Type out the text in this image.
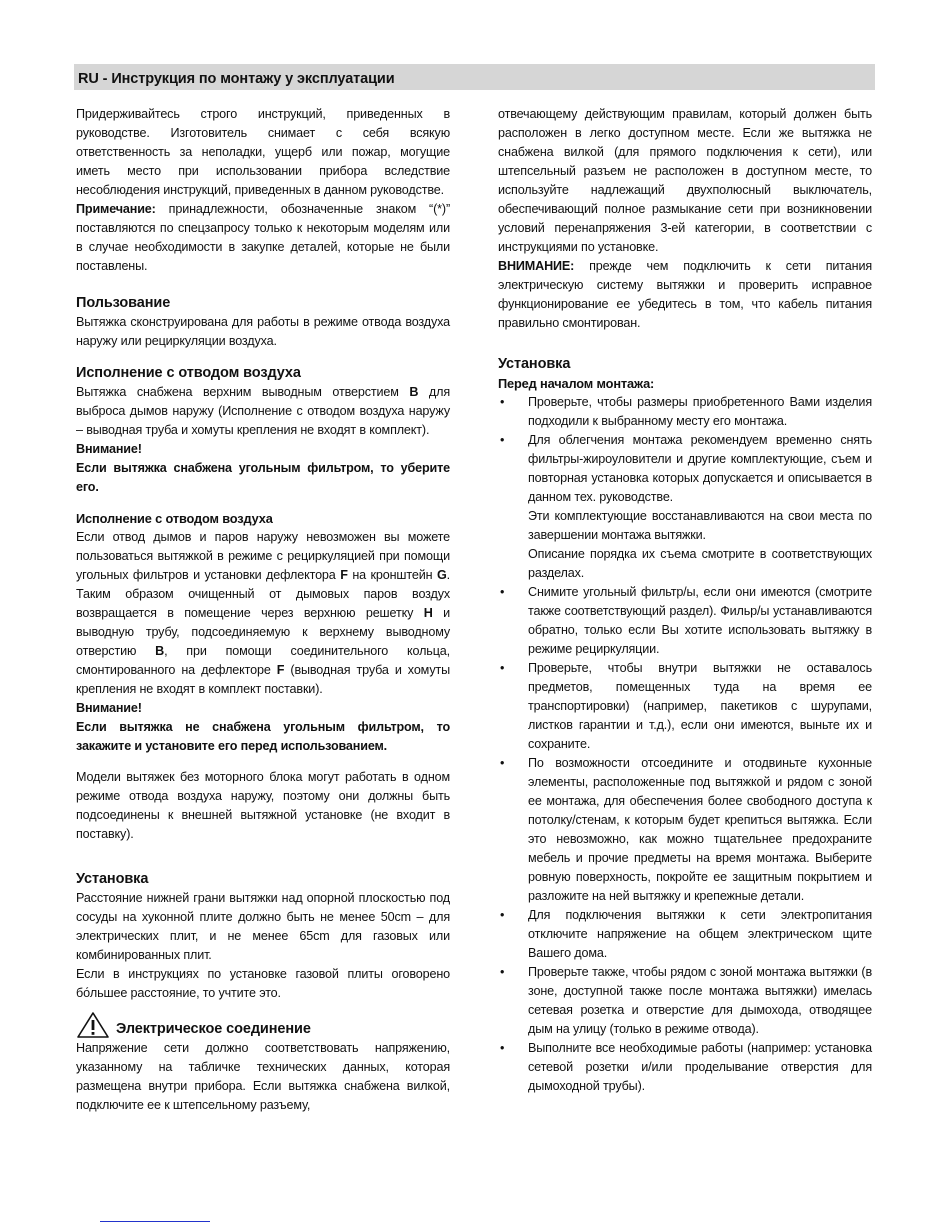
RU - Инструкция по монтажу у эксплуатации

Придерживайтесь строго инструкций, приведенных в руководстве. Изготовитель снимает с себя всякую ответственность за неполадки, ущерб или пожар, могущие иметь место при использовании прибора вследствие несоблюдения инструкций, приведенных в данном руководстве.

Примечание: принадлежности, обозначенные знаком “(*)” поставляются по спецзапросу только к некоторым моделям или в случае необходимости в закупке деталей, которые не были поставлены.

Пользование

Вытяжка сконструирована для работы в режиме отвода воздуха наружу или рециркуляции воздуха.

Исполнение с отводом воздуха

Вытяжка снабжена верхним выводным отверстием B для выброса дымов наружу (Исполнение с отводом воздуха наружу – выводная труба и хомуты крепления не входят в комплект).

Внимание!

Если вытяжка снабжена угольным фильтром, то уберите его.

Исполнение с отводом воздуха

Если отвод дымов и паров наружу невозможен вы можете пользоваться вытяжкой в режиме с рециркуляцией при помощи угольных фильтров и установки дефлектора F на кронштейн G. Таким образом очищенный от дымовых паров воздух возвращается в помещение через верхнюю решетку H и выводную трубу, подсоединяемую к верхнему выводному отверстию B, при помощи соединительного кольца, смонтированного на дефлекторе F (выводная труба и хомуты крепления не входят в комплект поставки).

Внимание!

Если вытяжка не снабжена угольным фильтром, то закажите и установите его перед использованием.

Модели вытяжек без моторного блока могут работать в одном режиме отвода воздуха наружу, поэтому они должны быть подсоединены к внешней вытяжной установке (не входит в поставку).

Установка

Расстояние нижней грани вытяжки над опорной плоскостью под сосуды на хуконной плите должно быть не менее 50cm – для электрических плит, и не менее 65cm для газовых или комбинированных плит.

Если в инструкциях по установке газовой плиты оговорено бо́льшее расстояние, то учтите это.

Электрическое соединение

Напряжение сети должно соответствовать напряжению, указанному на табличке технических данных, которая размещена внутри прибора. Если вытяжка снабжена вилкой, подключите ее к штепсельному разъему,

отвечающему действующим правилам, который должен быть расположен в легко доступном месте. Если же вытяжка не снабжена вилкой (для прямого подключения к сети), или штепсельный разъем не расположен в доступном месте, то используйте надлежащий двухполюсный выключатель, обеспечивающий полное размыкание сети при возникновении условий перенапряжения 3-ей категории, в соответствии с инструкциями по установке.

ВНИМАНИЕ: прежде чем подключить к сети питания электрическую систему вытяжки и проверить исправное функционирование ее убедитесь в том, что кабель питания правильно смонтирован.

Установка
Перед началом монтажа:
• Проверьте, чтобы размеры приобретенного Вами изделия подходили к выбранному месту его монтажа.
• Для облегчения монтажа рекомендуем временно снять фильтры-жироуловители и другие комплектующие, съем и повторная установка которых допускается и описывается в данном тех. руководстве.

Эти комплектующие восстанавливаются на свои места по завершении монтажа вытяжки.

Описание порядка их съема смотрите в соответствующих разделах.

• Снимите угольный фильтр/ы, если они имеются (смотрите также соответствующий раздел). Фильр/ы устанавливаются обратно, только если Вы хотите использовать вытяжку в режиме рециркуляции.
• Проверьте, чтобы внутри вытяжки не оставалось предметов, помещенных туда на время ее транспортировки) (например, пакетиков с шурупами, листков гарантии и т.д.), если они имеются, выньте их и сохраните.
• По возможности отсоедините и отодвиньте кухонные элементы, расположенные под вытяжкой и рядом с зоной ее монтажа, для обеспечения более свободного доступа к потолку/стенам, к которым будет крепиться вытяжка. Если это невозможно, как можно тщательнее предохраните мебель и прочие предметы на время монтажа. Выберите ровную поверхность, покройте ее защитным покрытием и разложите на ней вытяжку и крепежные детали.
• Для подключения вытяжки к сети электропитания отключите напряжение на общем электрическом щите Вашего дома.
• Проверьте также, чтобы рядом с зоной монтажа вытяжки (в зоне, доступной также после монтажа вытяжки) имелась сетевая розетка и отверстие для дымохода, отводящее дым на улицу (только в режиме отвода).
• Выполните все необходимые работы (например: установка сетевой розетки и/или проделывание отверстия для дымоходной трубы).
